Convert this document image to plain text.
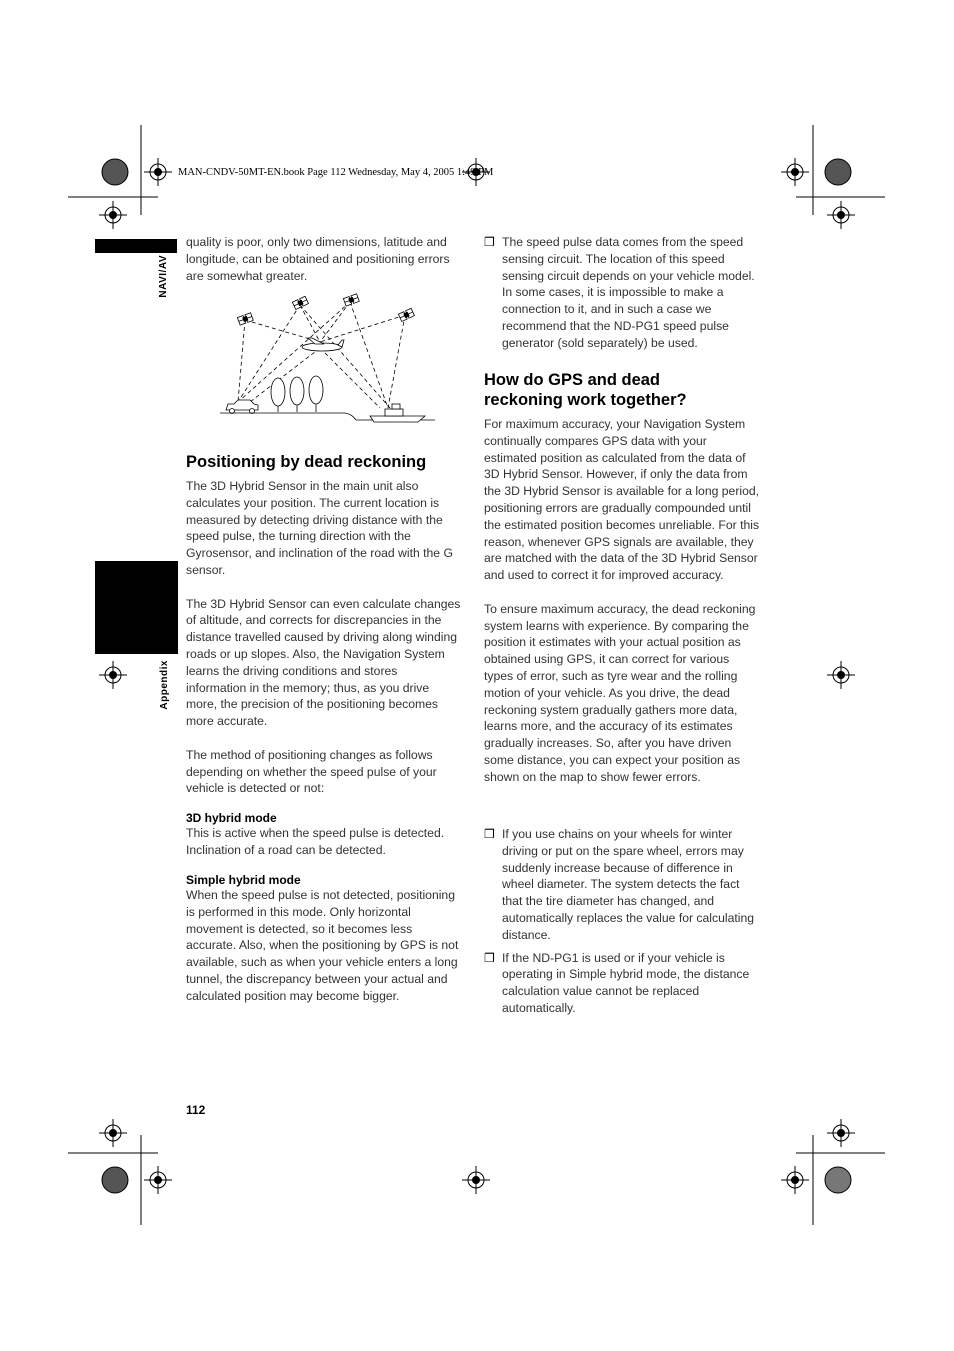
MAN-CNDV-50MT-EN.book Page 112 Wednesday, May 4, 2005 1:49 PM
NAVI/AV
Appendix

quality is poor, only two dimensions, latitude and longitude, can be obtained and positioning errors are somewhat greater.

Positioning by dead reckoning

The 3D Hybrid Sensor in the main unit also calculates your position. The current location is measured by detecting driving distance with the speed pulse, the turning direction with the Gyrosensor, and inclination of the road with the G sensor.

The 3D Hybrid Sensor can even calculate changes of altitude, and corrects for discrepancies in the distance travelled caused by driving along winding roads or up slopes. Also, the Navigation System learns the driving conditions and stores information in the memory; thus, as you drive more, the precision of the positioning becomes more accurate.

The method of positioning changes as follows depending on whether the speed pulse of your vehicle is detected or not:

3D hybrid mode

This is active when the speed pulse is detected. Inclination of a road can be detected.

Simple hybrid mode

When the speed pulse is not detected, positioning is performed in this mode. Only horizontal movement is detected, so it becomes less accurate. Also, when the positioning by GPS is not available, such as when your vehicle enters a long tunnel, the discrepancy between your actual and calculated position may become bigger.

❒ The speed pulse data comes from the speed sensing circuit. The location of this speed sensing circuit depends on your vehicle model. In some cases, it is impossible to make a connection to it, and in such a case we recommend that the ND-PG1 speed pulse generator (sold separately) be used.

How do GPS and dead
reckoning work together?

For maximum accuracy, your Navigation System continually compares GPS data with your estimated position as calculated from the data of 3D Hybrid Sensor. However, if only the data from the 3D Hybrid Sensor is available for a long period, positioning errors are gradually compounded until the estimated position becomes unreliable. For this reason, whenever GPS signals are available, they are matched with the data of the 3D Hybrid Sensor and used to correct it for improved accuracy.

To ensure maximum accuracy, the dead reckoning system learns with experience. By comparing the position it estimates with your actual position as obtained using GPS, it can correct for various types of error, such as tyre wear and the rolling motion of your vehicle. As you drive, the dead reckoning system gradually gathers more data, learns more, and the accuracy of its estimates gradually increases. So, after you have driven some distance, you can expect your position as shown on the map to show fewer errors.

❒ If you use chains on your wheels for winter driving or put on the spare wheel, errors may suddenly increase because of difference in wheel diameter. The system detects the fact that the tire diameter has changed, and automatically replaces the value for calculating distance.

❒ If the ND-PG1 is used or if your vehicle is operating in Simple hybrid mode, the distance calculation value cannot be replaced automatically.

112
